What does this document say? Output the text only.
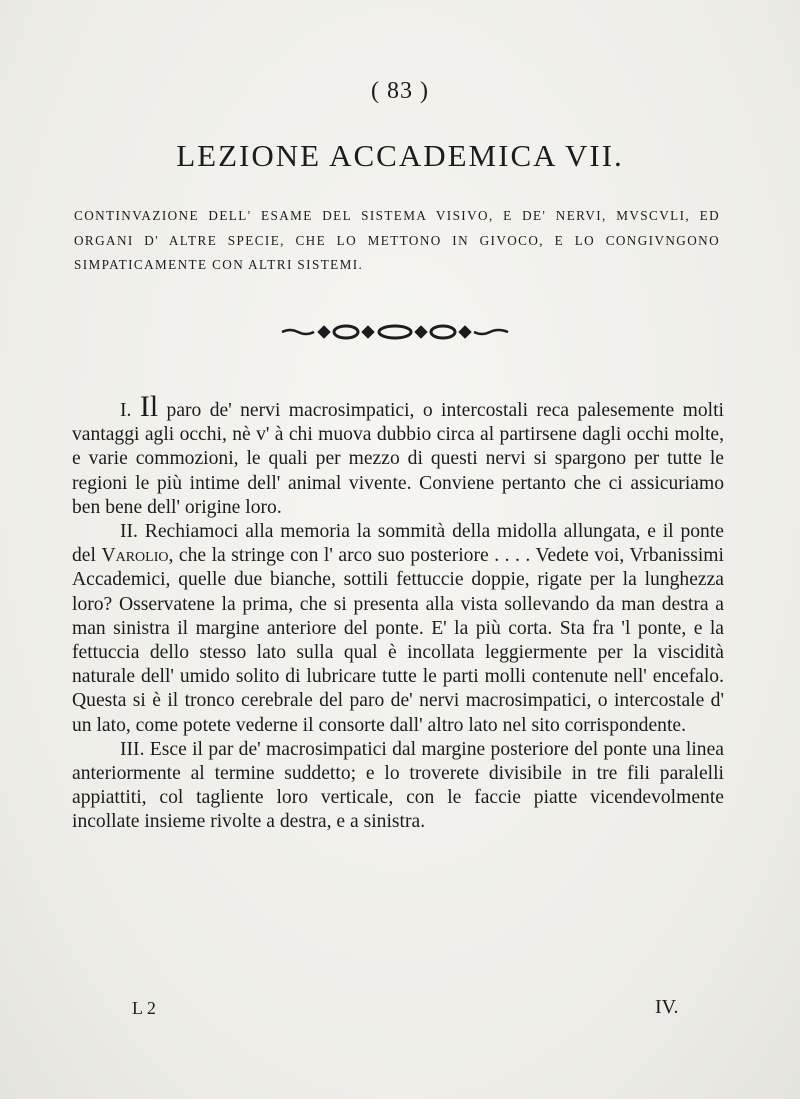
( 83 )
LEZIONE ACCADEMICA VII.
CONTINVAZIONE DELL' ESAME DEL SISTEMA VISIVO, E DE' NERVI, MVSCVLI, ED ORGANI D' ALTRE SPECIE, CHE LO METTONO IN GIVOCO, E LO CONGIVNGONO SIMPATICAMENTE CON ALTRI SISTEMI.

I. Il paro de' nervi macrosimpatici, o intercostali reca palesemente molti vantaggi agli occhi, nè v' à chi muova dubbio circa al partirsene dagli occhi molte, e varie commozioni, le quali per mezzo di questi nervi si spargono per tutte le regioni le più intime dell' animal vivente. Conviene pertanto che ci assicuriamo ben bene dell' origine loro.

II. Rechiamoci alla memoria la sommità della midolla allungata, e il ponte del Varolio, che la stringe con l' arco suo posteriore . . . . Vedete voi, Vrbanissimi Accademici, quelle due bianche, sottili fettuccie doppie, rigate per la lunghezza loro? Osservatene la prima, che si presenta alla vista sollevando da man destra a man sinistra il margine anteriore del ponte. E' la più corta. Sta fra 'l ponte, e la fettuccia dello stesso lato sulla qual è incollata leggiermente per la viscidità naturale dell' umido solito di lubricare tutte le parti molli contenute nell' encefalo. Questa si è il tronco cerebrale del paro de' nervi macrosimpatici, o intercostale d' un lato, come potete vederne il consorte dall' altro lato nel sito corrispondente.

III. Esce il par de' macrosimpatici dal margine posteriore del ponte una linea anteriormente al termine suddetto; e lo troverete divisibile in tre fili paralelli appiattiti, col tagliente loro verticale, con le faccie piatte vicendevolmente incollate insieme rivolte a destra, e a sinistra.

L 2	IV.
